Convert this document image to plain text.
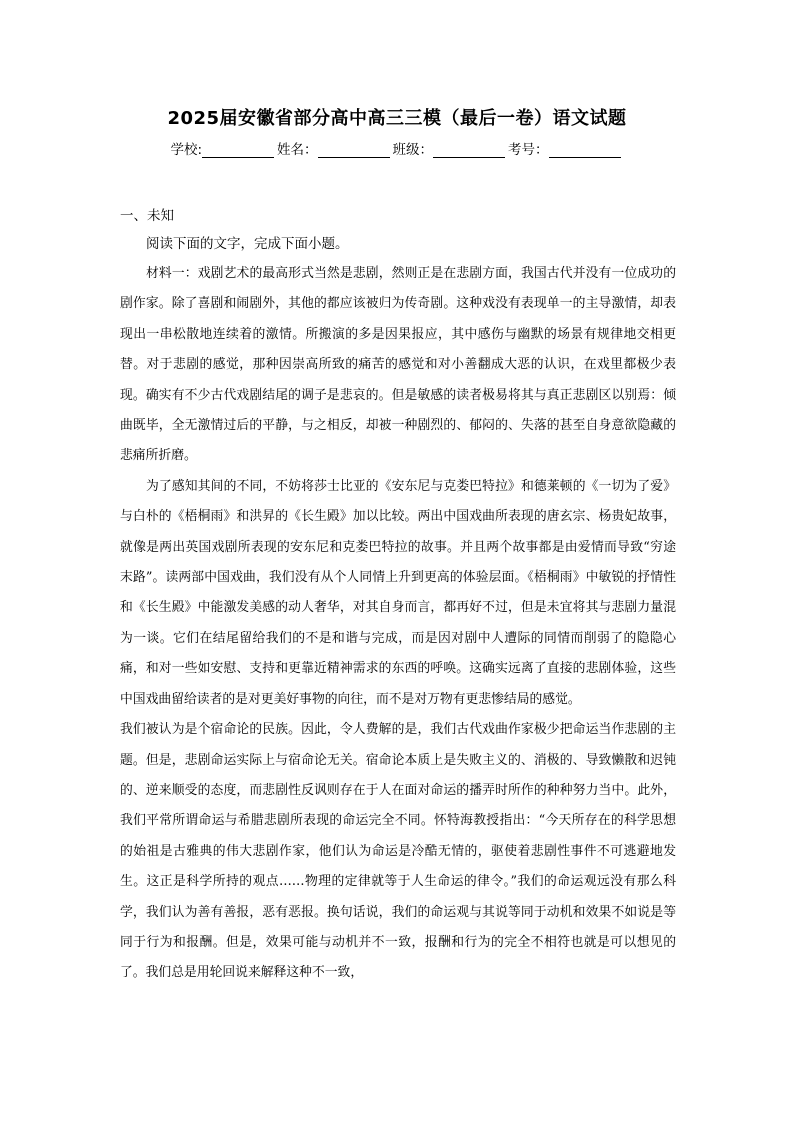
2025届安徽省部分高中高三三模（最后一卷）语文试题
学校:	姓名：	班级：	考号：
一、未知
阅读下面的文字，完成下面小题。

材料一：戏剧艺术的最高形式当然是悲剧，然则正是在悲剧方面，我国古代并没有一位成功的剧作家。除了喜剧和闹剧外，其他的都应该被归为传奇剧。这种戏没有表现单一的主导激情，却表现出一串松散地连续着的激情。所搬演的多是因果报应，其中感伤与幽默的场景有规律地交相更替。对于悲剧的感觉，那种因崇高所致的痛苦的感觉和对小善翻成大恶的认识，在戏里都极少表现。确实有不少古代戏剧结尾的调子是悲哀的。但是敏感的读者极易将其与真正悲剧区以别焉：倾曲既毕，全无激情过后的平静，与之相反，却被一种剧烈的、郁闷的、失落的甚至自身意欲隐藏的悲痛所折磨。

为了感知其间的不同，不妨将莎士比亚的《安东尼与克娄巴特拉》和德莱顿的《一切为了爱》与白朴的《梧桐雨》和洪昇的《长生殿》加以比较。两出中国戏曲所表现的唐玄宗、杨贵妃故事，就像是两出英国戏剧所表现的安东尼和克娄巴特拉的故事。并且两个故事都是由爱情而导致“穷途末路”。读两部中国戏曲，我们没有从个人同情上升到更高的体验层面。《梧桐雨》中敏锐的抒情性和《长生殿》中能激发美感的动人奢华，对其自身而言，都再好不过，但是未宜将其与悲剧力量混为一谈。它们在结尾留给我们的不是和谐与完成，而是因对剧中人遭际的同情而削弱了的隐隐心痛，和对一些如安慰、支持和更靠近精神需求的东西的呼唤。这确实远离了直接的悲剧体验，这些中国戏曲留给读者的是对更美好事物的向往，而不是对万物有更悲惨结局的感觉。

我们被认为是个宿命论的民族。因此，令人费解的是，我们古代戏曲作家极少把命运当作悲剧的主题。但是，悲剧命运实际上与宿命论无关。宿命论本质上是失败主义的、消极的、导致懒散和迟钝的、逆来顺受的态度，而悲剧性反讽则存在于人在面对命运的播弄时所作的种种努力当中。此外，我们平常所谓命运与希腊悲剧所表现的命运完全不同。怀特海教授指出：“今天所存在的科学思想的始祖是古雅典的伟大悲剧作家，他们认为命运是冷酷无情的，驱使着悲剧性事件不可逃避地发生。这正是科学所持的观点……物理的定律就等于人生命运的律令。”我们的命运观远没有那么科学，我们认为善有善报，恶有恶报。换句话说，我们的命运观与其说等同于动机和效果不如说是等同于行为和报酬。但是，效果可能与动机并不一致，报酬和行为的完全不相符也就是可以想见的了。我们总是用轮回说来解释这种不一致，
